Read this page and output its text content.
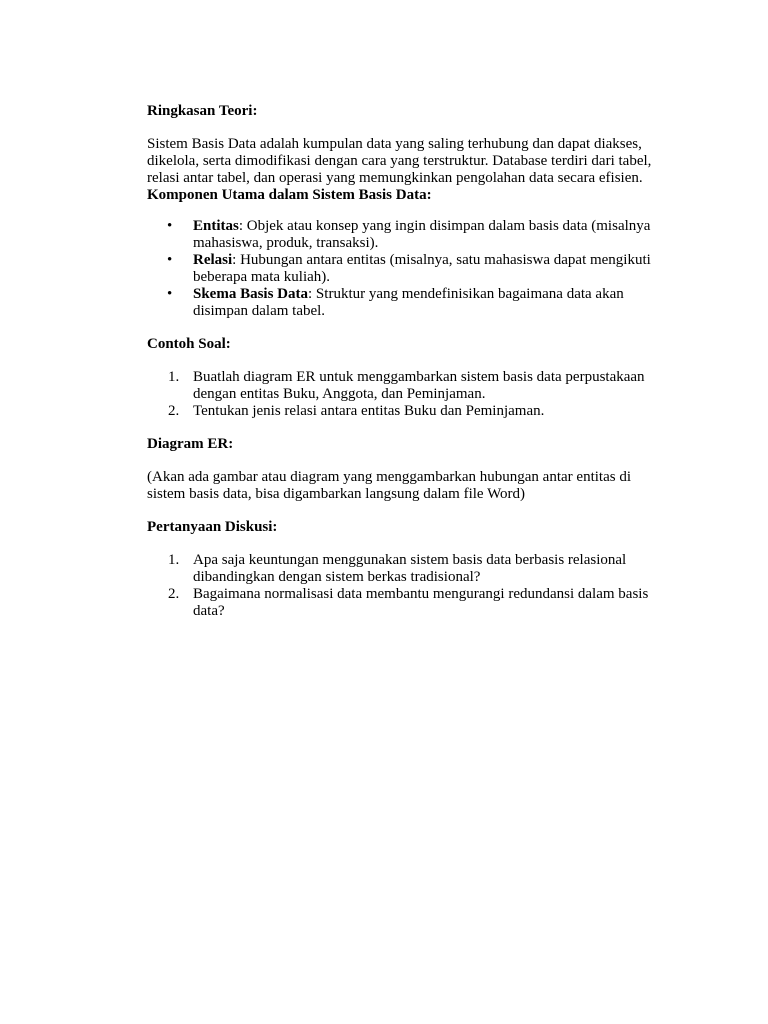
Ringkasan Teori:

Sistem Basis Data adalah kumpulan data yang saling terhubung dan dapat diakses, dikelola, serta dimodifikasi dengan cara yang terstruktur. Database terdiri dari tabel, relasi antar tabel, dan operasi yang memungkinkan pengolahan data secara efisien.

Komponen Utama dalam Sistem Basis Data:

• Entitas: Objek atau konsep yang ingin disimpan dalam basis data (misalnya mahasiswa, produk, transaksi).
• Relasi: Hubungan antara entitas (misalnya, satu mahasiswa dapat mengikuti beberapa mata kuliah).
• Skema Basis Data: Struktur yang mendefinisikan bagaimana data akan disimpan dalam tabel.

Contoh Soal:

1. Buatlah diagram ER untuk menggambarkan sistem basis data perpustakaan dengan entitas Buku, Anggota, dan Peminjaman.
2. Tentukan jenis relasi antara entitas Buku dan Peminjaman.

Diagram ER:

(Akan ada gambar atau diagram yang menggambarkan hubungan antar entitas di sistem basis data, bisa digambarkan langsung dalam file Word)

Pertanyaan Diskusi:

1. Apa saja keuntungan menggunakan sistem basis data berbasis relasional dibandingkan dengan sistem berkas tradisional?
2. Bagaimana normalisasi data membantu mengurangi redundansi dalam basis data?
